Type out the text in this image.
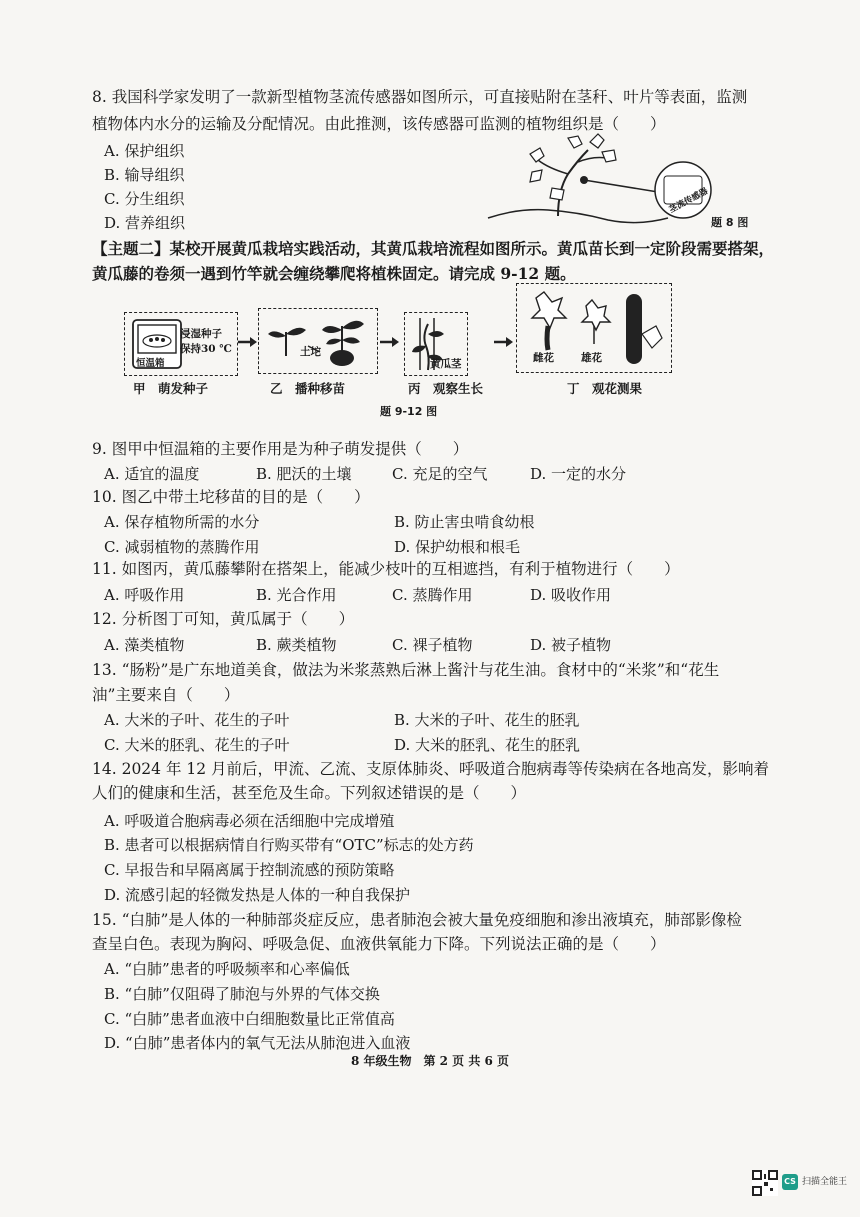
8. 我国科学家发明了一款新型植物茎流传感器如图所示，可直接贴附在茎秆、叶片等表面，监测
植物体内水分的运输及分配情况。由此推测，该传感器可监测的植物组织是（　　）
A. 保护组织
B. 输导组织
C. 分生组织
D. 营养组织
茎流传感器
题 8 图
【主题二】某校开展黄瓜栽培实践活动，其黄瓜栽培流程如图所示。黄瓜苗长到一定阶段需要搭架，
黄瓜藤的卷须一遇到竹竿就会缠绕攀爬将植株固定。请完成 9-12 题。
恒温箱
浸湿种子
保持30 ℃
甲　萌发种子
土坨
乙　播种移苗
黄瓜茎
丙　观察生长
雌花	雄花
丁　观花测果
题 9-12 图
9. 图甲中恒温箱的主要作用是为种子萌发提供（　　）
A. 适宜的温度	B. 肥沃的土壤	C. 充足的空气	D. 一定的水分
10. 图乙中带土坨移苗的目的是（　　）
A. 保存植物所需的水分	B. 防止害虫啃食幼根
C. 减弱植物的蒸腾作用	D. 保护幼根和根毛
11. 如图丙，黄瓜藤攀附在搭架上，能减少枝叶的互相遮挡，有利于植物进行（　　）
A. 呼吸作用	B. 光合作用	C. 蒸腾作用	D. 吸收作用
12. 分析图丁可知，黄瓜属于（　　）
A. 藻类植物	B. 蕨类植物	C. 裸子植物	D. 被子植物
13. “肠粉”是广东地道美食，做法为米浆蒸熟后淋上酱汁与花生油。食材中的“米浆”和“花生
油”主要来自（　　）
A. 大米的子叶、花生的子叶	B. 大米的子叶、花生的胚乳
C. 大米的胚乳、花生的子叶	D. 大米的胚乳、花生的胚乳
14. 2024 年 12 月前后，甲流、乙流、支原体肺炎、呼吸道合胞病毒等传染病在各地高发，影响着
人们的健康和生活，甚至危及生命。下列叙述错误的是（　　）
A. 呼吸道合胞病毒必须在活细胞中完成增殖
B. 患者可以根据病情自行购买带有“OTC”标志的处方药
C. 早报告和早隔离属于控制流感的预防策略
D. 流感引起的轻微发热是人体的一种自我保护
15. “白肺”是人体的一种肺部炎症反应，患者肺泡会被大量免疫细胞和渗出液填充，肺部影像检
查呈白色。表现为胸闷、呼吸急促、血液供氧能力下降。下列说法正确的是（　　）
A. “白肺”患者的呼吸频率和心率偏低
B. “白肺”仅阻碍了肺泡与外界的气体交换
C. “白肺”患者血液中白细胞数量比正常值高
D. “白肺”患者体内的氧气无法从肺泡进入血液
8 年级生物　第 2 页 共 6 页
CS 扫描全能王
